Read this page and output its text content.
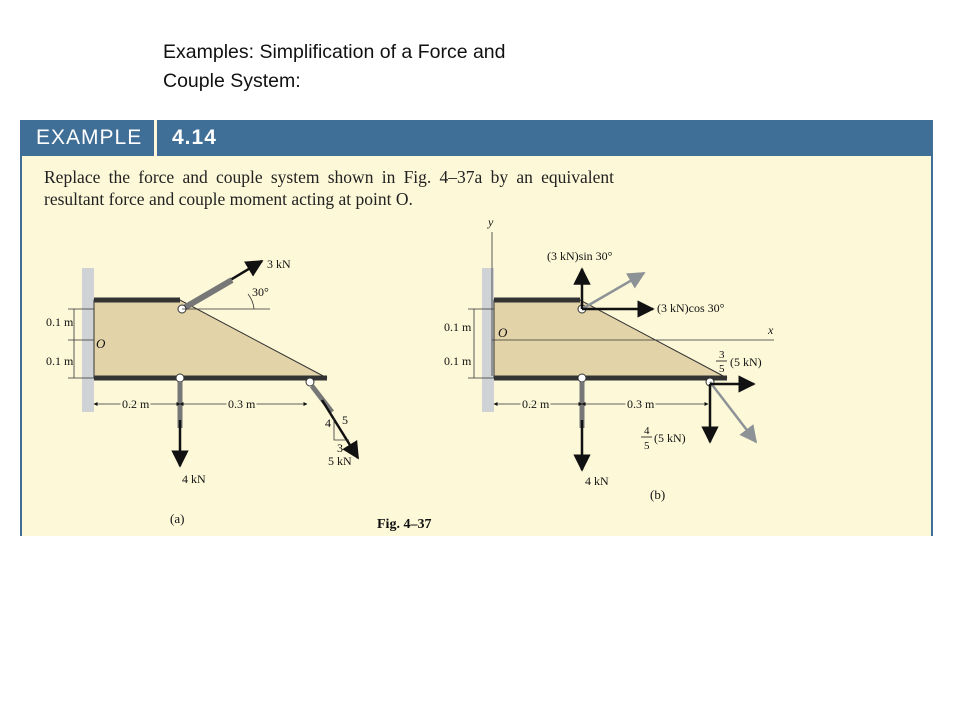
Examples: Simplification of a Force and
Couple System:
EXAMPLE 4.14
Replace the force and couple system shown in Fig. 4–37a by an equivalent resultant force and couple moment acting at point O.
3 kN
30°
0.1 m
0.1 m
O
4 kN
0.2 m	0.3 m
4 5
3
5 kN
(a)
y
x
(3 kN)sin 30°
(3 kN)cos 30°
0.1 m
0.1 m
O
3
5 (5 kN)
4
5
(5 kN)
4 kN
0.2 m	0.3 m
(b)
Fig. 4–37
